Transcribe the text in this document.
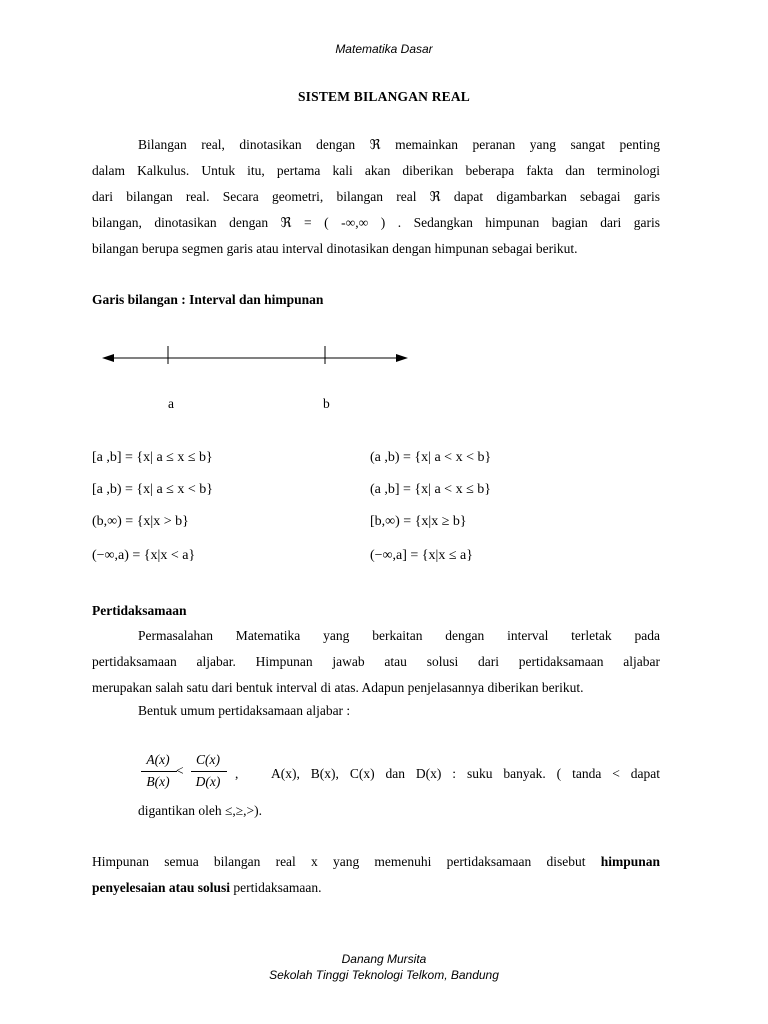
Matematika Dasar
SISTEM BILANGAN REAL

Bilangan real, dinotasikan dengan ℜ memainkan peranan yang sangat penting

dalam Kalkulus. Untuk itu, pertama kali akan diberikan beberapa fakta dan terminologi

dari bilangan real. Secara geometri, bilangan real ℜ dapat digambarkan sebagai garis

bilangan, dinotasikan dengan ℜ = ( -∞,∞ ) . Sedangkan himpunan bagian dari garis

bilangan berupa segmen garis atau interval dinotasikan dengan himpunan sebagai berikut.

Garis bilangan : Interval dan himpunan
a	b
[a ,b] = {x| a ≤ x ≤ b}
[a ,b) = {x| a ≤ x < b}
(b,∞) = {x|x > b}
(−∞,a) = {x|x < a}
(a ,b) = {x| a < x < b}
(a ,b] = {x| a < x ≤ b}
[b,∞) = {x|x ≥ b}
(−∞,a] = {x|x ≤ a}
Pertidaksamaan

Permasalahan Matematika yang berkaitan dengan interval terletak pada

pertidaksamaan aljabar. Himpunan jawab atau solusi dari pertidaksamaan aljabar

merupakan salah satu dari bentuk interval di atas. Adapun penjelasannya diberikan berikut.

Bentuk umum pertidaksamaan aljabar :
A(x)
B(x)
<
C(x)
D(x)
, A(x), B(x), C(x) dan D(x) : suku banyak. ( tanda < dapat
digantikan oleh ≤,≥,>).

Himpunan semua bilangan real x yang memenuhi pertidaksamaan disebut himpunan

penyelesaian atau solusi pertidaksamaan.

Danang Mursita
Sekolah Tinggi Teknologi Telkom, Bandung
